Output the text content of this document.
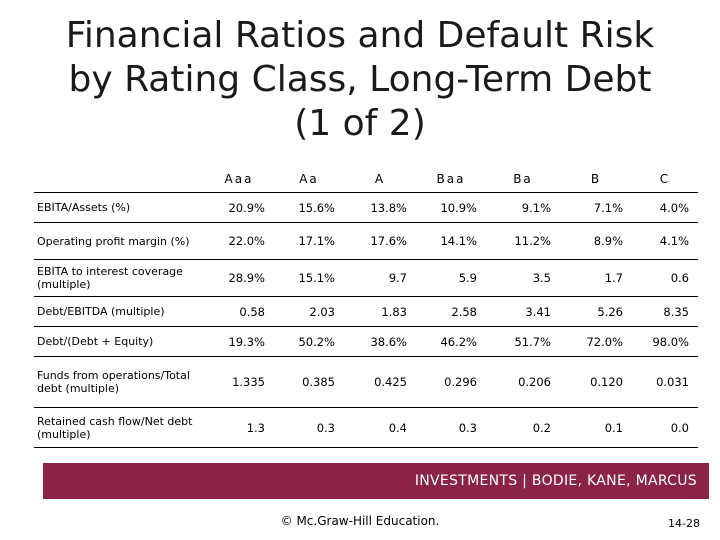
Financial Ratios and Default Risk
by Rating Class, Long-Term Debt
(1 of 2)
	Aaa	Aa	A	Baa	Ba	B	C
EBITA/Assets (%)	20.9%	15.6%	13.8%	10.9%	9.1%	7.1%	4.0%
Operating profit margin (%)	22.0%	17.1%	17.6%	14.1%	11.2%	8.9%	4.1%
EBITA to interest coverage (multiple)	28.9%	15.1%	9.7	5.9	3.5	1.7	0.6
Debt/EBITDA (multiple)	0.58	2.03	1.83	2.58	3.41	5.26	8.35
Debt/(Debt + Equity)	19.3%	50.2%	38.6%	46.2%	51.7%	72.0%	98.0%
Funds from operations/Total debt (multiple)	1.335	0.385	0.425	0.296	0.206	0.120	0.031
Retained cash flow/Net debt (multiple)	1.3	0.3	0.4	0.3	0.2	0.1	0.0
INVESTMENTS | BODIE, KANE, MARCUS
© Mc.Graw-Hill Education.	14-28
